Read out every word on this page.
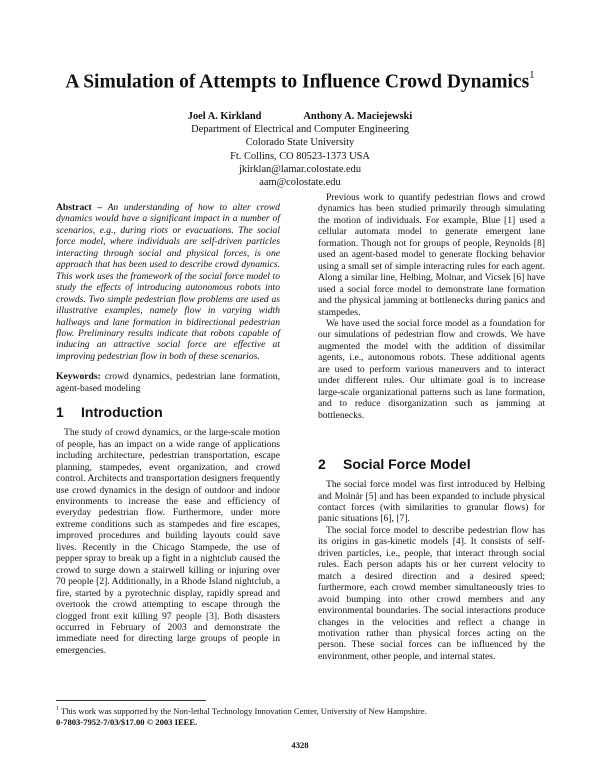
A Simulation of Attempts to Influence Crowd Dynamics$^1$
Joel A. Kirkland	Anthony A. Maciejewski
Department of Electrical and Computer Engineering
Colorado State University
Ft. Collins, CO 80523-1373 USA
jkirklan@lamar.colostate.edu
aam@colostate.edu

Abstract – An understanding of how to alter crowd dynamics would have a significant impact in a number of scenarios, e.g., during riots or evacuations. The social force model, where individuals are self-driven particles interacting through social and physical forces, is one approach that has been used to describe crowd dynamics. This work uses the framework of the social force model to study the effects of introducing autonomous robots into crowds. Two simple pedestrian flow problems are used as illustrative examples, namely flow in varying width hallways and lane formation in bidirectional pedestrian flow. Preliminary results indicate that robots capable of inducing an attractive social force are effective at improving pedestrian flow in both of these scenarios.

Keywords: crowd dynamics, pedestrian lane formation, agent-based modeling

1 Introduction

The study of crowd dynamics, or the large-scale motion of people, has an impact on a wide range of applications including architecture, pedestrian transportation, escape planning, stampedes, event organization, and crowd control. Architects and transportation designers frequently use crowd dynamics in the design of outdoor and indoor environments to increase the ease and efficiency of everyday pedestrian flow. Furthermore, under more extreme conditions such as stampedes and fire escapes, improved procedures and building layouts could save lives. Recently in the Chicago Stampede, the use of pepper spray to break up a fight in a nightclub caused the crowd to surge down a stairwell killing or injuring over 70 people [2]. Additionally, in a Rhode Island nightclub, a fire, started by a pyrotechnic display, rapidly spread and overtook the crowd attempting to escape through the clogged front exit killing 97 people [3]. Both disasters occurred in February of 2003 and demonstrate the immediate need for directing large groups of people in emergencies.

Previous work to quantify pedestrian flows and crowd dynamics has been studied primarily through simulating the motion of individuals. For example, Blue [1] used a cellular automata model to generate emergent lane formation. Though not for groups of people, Reynolds [8] used an agent-based model to generate flocking behavior using a small set of simple interacting rules for each agent. Along a similar line, Helbing, Molnar, and Vicsek [6] have used a social force model to demonstrate lane formation and the physical jamming at bottlenecks during panics and stampedes.

We have used the social force model as a foundation for our simulations of pedestrian flow and crowds. We have augmented the model with the addition of dissimilar agents, i.e., autonomous robots. These additional agents are used to perform various maneuvers and to interact under different rules. Our ultimate goal is to increase large-scale organizational patterns such as lane formation, and to reduce disorganization such as jamming at bottlenecks.

2 Social Force Model

The social force model was first introduced by Helbing and Molnár [5] and has been expanded to include physical contact forces (with similarities to granular flows) for panic situations [6], [7].

The social force model to describe pedestrian flow has its origins in gas-kinetic models [4]. It consists of self-driven particles, i.e., people, that interact through social rules. Each person adapts his or her current velocity to match a desired direction and a desired speed; furthermore, each crowd member simultaneously tries to avoid bumping into other crowd members and any environmental boundaries. The social interactions produce changes in the velocities and reflect a change in motivation rather than physical forces acting on the person. These social forces can be influenced by the environment, other people, and internal states.

$^1$ This work was supported by the Non-lethal Technology Innovation Center, University of New Hampshire.
0-7803-7952-7/03/$17.00 © 2003 IEEE.
4328
